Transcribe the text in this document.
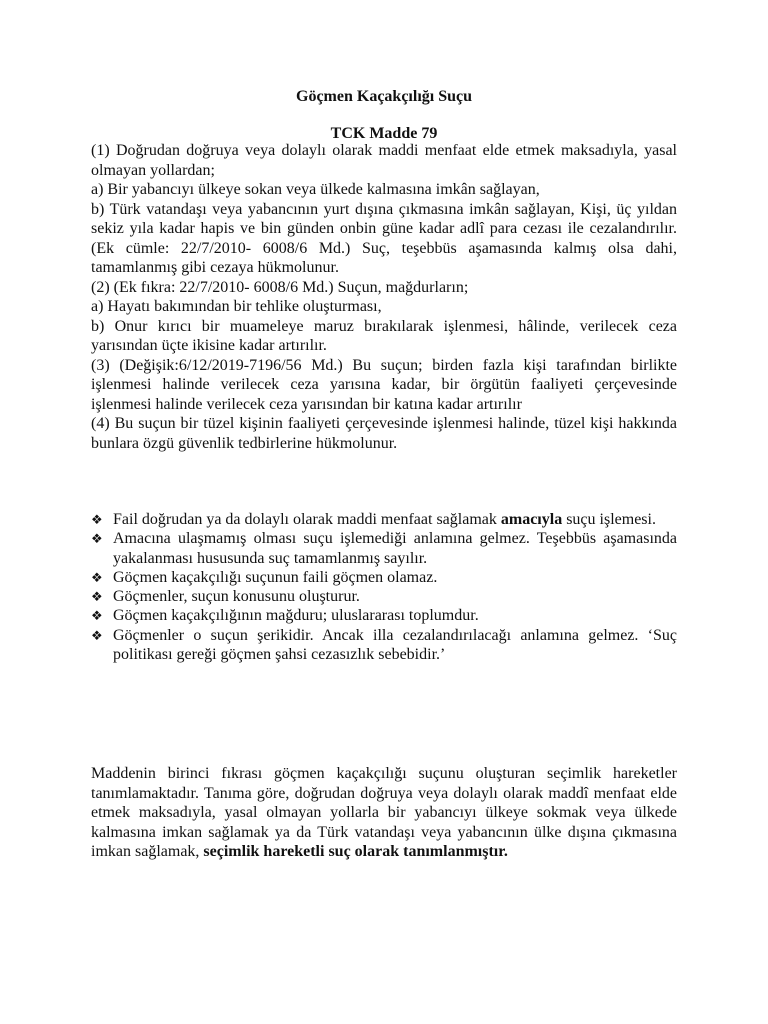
Göçmen Kaçakçılığı Suçu
TCK Madde 79

(1) Doğrudan doğruya veya dolaylı olarak maddi menfaat elde etmek maksadıyla, yasal olmayan yollardan;

a) Bir yabancıyı ülkeye sokan veya ülkede kalmasına imkân sağlayan,

b) Türk vatandaşı veya yabancının yurt dışına çıkmasına imkân sağlayan, Kişi, üç yıldan sekiz yıla kadar hapis ve bin günden onbin güne kadar adlî para cezası ile cezalandırılır. (Ek cümle: 22/7/2010- 6008/6 Md.) Suç, teşebbüs aşamasında kalmış olsa dahi, tamamlanmış gibi cezaya hükmolunur.

(2) (Ek fıkra: 22/7/2010- 6008/6 Md.) Suçun, mağdurların;

a) Hayatı bakımından bir tehlike oluşturması,

b) Onur kırıcı bir muameleye maruz bırakılarak işlenmesi, hâlinde, verilecek ceza yarısından üçte ikisine kadar artırılır.

(3) (Değişik:6/12/2019-7196/56 Md.) Bu suçun; birden fazla kişi tarafından birlikte işlenmesi halinde verilecek ceza yarısına kadar, bir örgütün faaliyeti çerçevesinde işlenmesi halinde verilecek ceza yarısından bir katına kadar artırılır

(4) Bu suçun bir tüzel kişinin faaliyeti çerçevesinde işlenmesi halinde, tüzel kişi hakkında bunlara özgü güvenlik tedbirlerine hükmolunur.

❖ Fail doğrudan ya da dolaylı olarak maddi menfaat sağlamak amacıyla suçu işlemesi.
❖ Amacına ulaşmamış olması suçu işlemediği anlamına gelmez. Teşebbüs aşamasında yakalanması hususunda suç tamamlanmış sayılır.
❖ Göçmen kaçakçılığı suçunun faili göçmen olamaz.
❖ Göçmenler, suçun konusunu oluşturur.
❖ Göçmen kaçakçılığının mağduru; uluslararası toplumdur.
❖ Göçmenler o suçun şerikidir. Ancak illa cezalandırılacağı anlamına gelmez. ‘Suç politikası gereği göçmen şahsi cezasızlık sebebidir.’

Maddenin birinci fıkrası göçmen kaçakçılığı suçunu oluşturan seçimlik hareketler tanımlamaktadır. Tanıma göre, doğrudan doğruya veya dolaylı olarak maddî menfaat elde etmek maksadıyla, yasal olmayan yollarla bir yabancıyı ülkeye sokmak veya ülkede kalmasına imkan sağlamak ya da Türk vatandaşı veya yabancının ülke dışına çıkmasına imkan sağlamak, seçimlik hareketli suç olarak tanımlanmıştır.
